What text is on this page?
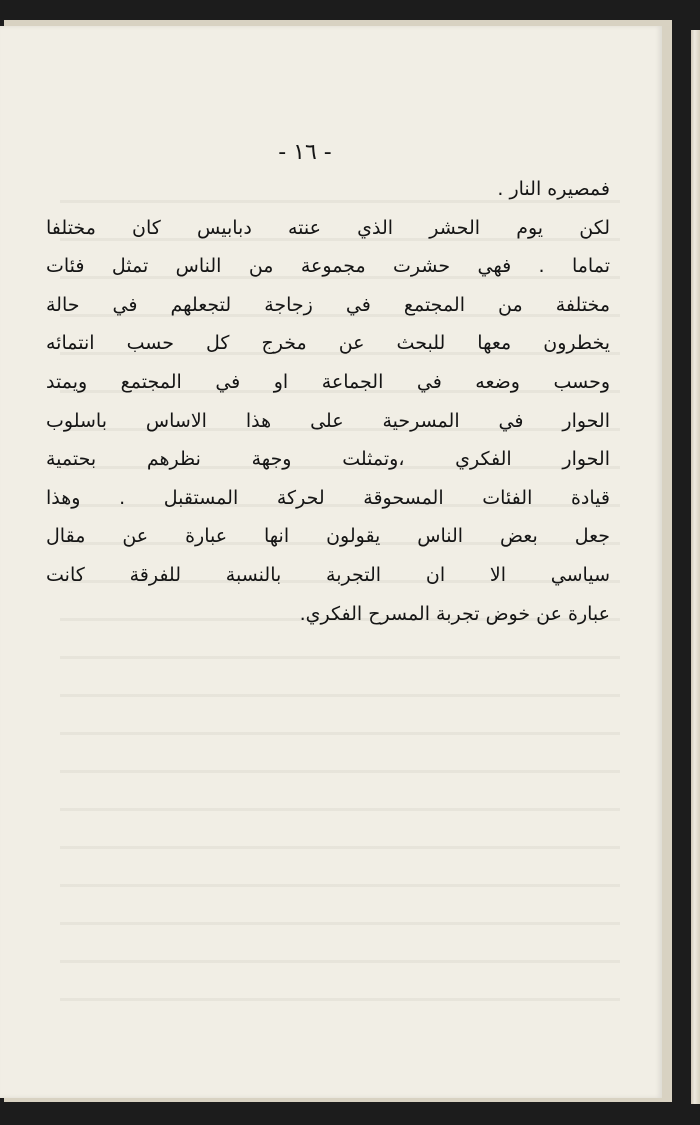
- ١٦ -
فمصيره النار .
لكن يوم الحشر الذي عنته دبابيس كان مختلفا
تماما . فهي حشرت مجموعة من الناس تمثل فئات
مختلفة من المجتمع في زجاجة لتجعلهم في حالة
يخطرون معها للبحث عن مخرج كل حسب انتمائه
وحسب وضعه في الجماعة او في المجتمع ويمتد
الحوار في المسرحية على هذا الاساس باسلوب
الحوار الفكري ،وتمثلت وجهة نظرهم بحتمية
قيادة الفئات المسحوقة لحركة المستقبل . وهذا
جعل بعض الناس يقولون انها عبارة عن مقال
سياسي الا ان التجربة بالنسبة للفرقة كانت
عبارة عن خوض تجربة المسرح الفكري.
